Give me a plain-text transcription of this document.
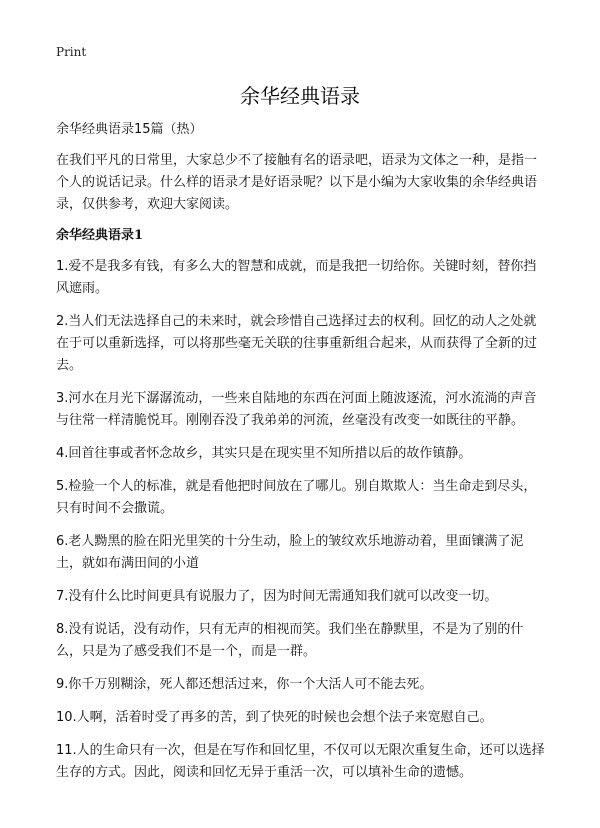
Print
余华经典语录

余华经典语录15篇（热）

在我们平凡的日常里，大家总少不了接触有名的语录吧，语录为文体之一种，是指一个人的说话记录。什么样的语录才是好语录呢？以下是小编为大家收集的余华经典语录，仅供参考，欢迎大家阅读。

余华经典语录1

1.爱不是我多有钱，有多么大的智慧和成就，而是我把一切给你。关键时刻，替你挡风遮雨。

2.当人们无法选择自己的未来时，就会珍惜自己选择过去的权利。回忆的动人之处就在于可以重新选择，可以将那些毫无关联的往事重新组合起来，从而获得了全新的过去。

3.河水在月光下潺潺流动，一些来自陆地的东西在河面上随波逐流，河水流淌的声音与往常一样清脆悦耳。刚刚吞没了我弟弟的河流，丝毫没有改变一如既往的平静。

4.回首往事或者怀念故乡，其实只是在现实里不知所措以后的故作镇静。

5.检验一个人的标准，就是看他把时间放在了哪儿。别自欺欺人：当生命走到尽头，只有时间不会撒谎。

6.老人黝黑的脸在阳光里笑的十分生动，脸上的皱纹欢乐地游动着，里面镶满了泥土，就如布满田间的小道

7.没有什么比时间更具有说服力了，因为时间无需通知我们就可以改变一切。

8.没有说话，没有动作，只有无声的相视而笑。我们坐在静默里，不是为了别的什么，只是为了感受我们不是一个，而是一群。

9.你千万别糊涂，死人都还想活过来，你一个大活人可不能去死。

10.人啊，活着时受了再多的苦，到了快死的时候也会想个法子来宽慰自己。

11.人的生命只有一次，但是在写作和回忆里，不仅可以无限次重复生命，还可以选择生存的方式。因此，阅读和回忆无异于重活一次，可以填补生命的遗憾。
